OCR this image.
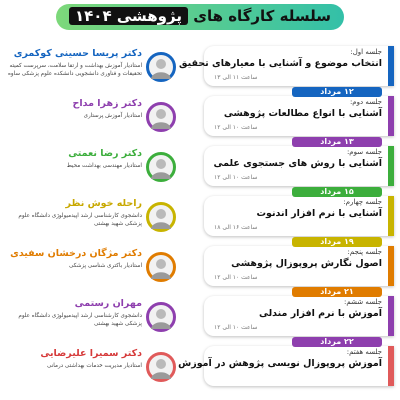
سلسله کارگاه های پژوهشی ۱۴۰۴
جلسه اول:
انتخاب موضوع و آشنایی با معیارهای تحقیق
ساعت ۱۱ الی ۱۳
۱۲ مرداد
دکتر پریسا حسینی کوکمری
استادیار آموزش بهداشت و ارتقا سلامت، سرپرست کمیته تحقیقات و فناوری دانشجویی دانشکده علوم پزشکی ساوه
جلسه دوم:
آشنایی با انواع مطالعات پژوهشی
ساعت ۱۰ الی ۱۲
۱۳ مرداد
دکتر زهرا مداح
استادیار آموزش پرستاری
جلسه سوم:
آشنایی با روش های جستجوی علمی
ساعت ۱۰ الی ۱۲
۱۵ مرداد
دکتر رضا نعمتی
استادیار مهندسی بهداشت محیط
جلسه چهارم:
آشنایی با نرم افزار اندنوت
ساعت ۱۶ الی ۱۸
۱۹ مرداد
راحله خوش نظر
دانشجوی کارشناسی ارشد اپیدمیولوژی دانشگاه علوم پزشکی شهید بهشتی
جلسه پنجم:
اصول نگارش پروپوزال پژوهشی
ساعت ۱۰ الی ۱۲
۲۱ مرداد
دکتر مژگان درخشان سفیدی
استادیار باکتری شناسی پزشکی
جلسه ششم:
آموزش با نرم افزار مندلی
ساعت ۱۰ الی ۱۲
۲۲ مرداد
مهران رستمی
دانشجوی کارشناسی ارشد اپیدمیولوژی دانشگاه علوم پزشکی شهید بهشتی
جلسه هفتم:
آموزش پروپوزال نویسی پژوهش در آموزش
دکتر سمیرا علیرضایی
استادیار مدیریت خدمات بهداشتی درمانی
